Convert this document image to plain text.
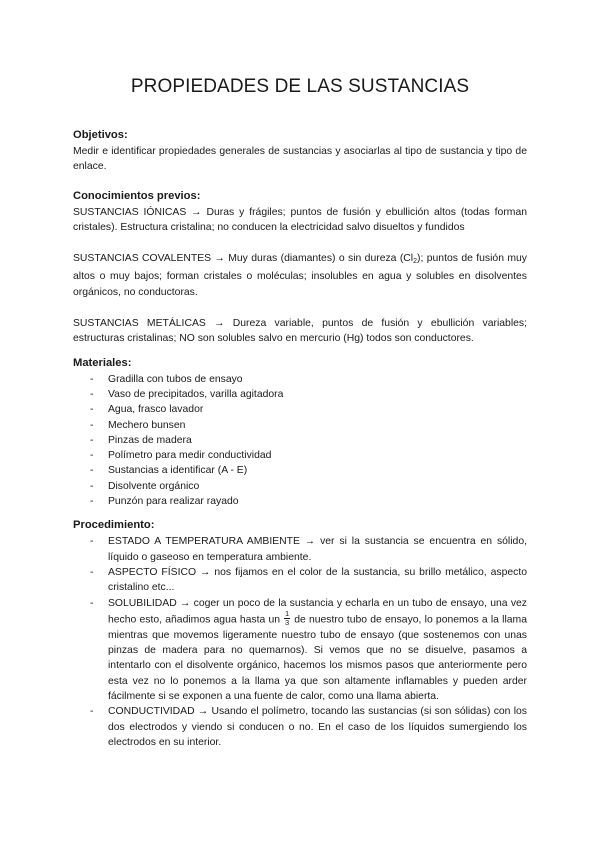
PROPIEDADES DE LAS SUSTANCIAS
Objetivos:

Medir e identificar propiedades generales de sustancias y asociarlas al tipo de sustancia y tipo de enlace.

Conocimientos previos:

SUSTANCIAS IÓNICAS → Duras y frágiles; puntos de fusión y ebullición altos (todas forman cristales). Estructura cristalina; no conducen la electricidad salvo disueltos y fundidos

SUSTANCIAS COVALENTES → Muy duras (diamantes) o sin dureza $(Cl_2)$; puntos de fusión muy altos o muy bajos; forman cristales o moléculas; insolubles en agua y solubles en disolventes orgánicos, no conductoras.

SUSTANCIAS METÁLICAS → Dureza variable, puntos de fusión y ebullición variables; estructuras cristalinas; NO son solubles salvo en mercurio (Hg) todos son conductores.

Materiales:
- Gradilla con tubos de ensayo
- Vaso de precipitados, varilla agitadora
- Agua, frasco lavador
- Mechero bunsen
- Pinzas de madera
- Polímetro para medir conductividad
- Sustancias a identificar (A - E)
- Disolvente orgánico
- Punzón para realizar rayado
Procedimiento:
- ESTADO A TEMPERATURA AMBIENTE → ver si la sustancia se encuentra en sólido, líquido o gaseoso en temperatura ambiente.
- ASPECTO FÍSICO → nos fijamos en el color de la sustancia, su brillo metálico, aspecto cristalino etc...
- SOLUBILIDAD → coger un poco de la sustancia y echarla en un tubo de ensayo, una vez hecho esto, añadimos agua hasta un $\frac{1}{3}$ de nuestro tubo de ensayo, lo ponemos a la llama mientras que movemos ligeramente nuestro tubo de ensayo (que sostenemos con unas pinzas de madera para no quemarnos). Si vemos que no se disuelve, pasamos a intentarlo con el disolvente orgánico, hacemos los mismos pasos que anteriormente pero esta vez no lo ponemos a la llama ya que son altamente inflamables y pueden arder fácilmente si se exponen a una fuente de calor, como una llama abierta.
- CONDUCTIVIDAD → Usando el polímetro, tocando las sustancias (si son sólidas) con los dos electrodos y viendo si conducen o no. En el caso de los líquidos sumergiendo los electrodos en su interior.
